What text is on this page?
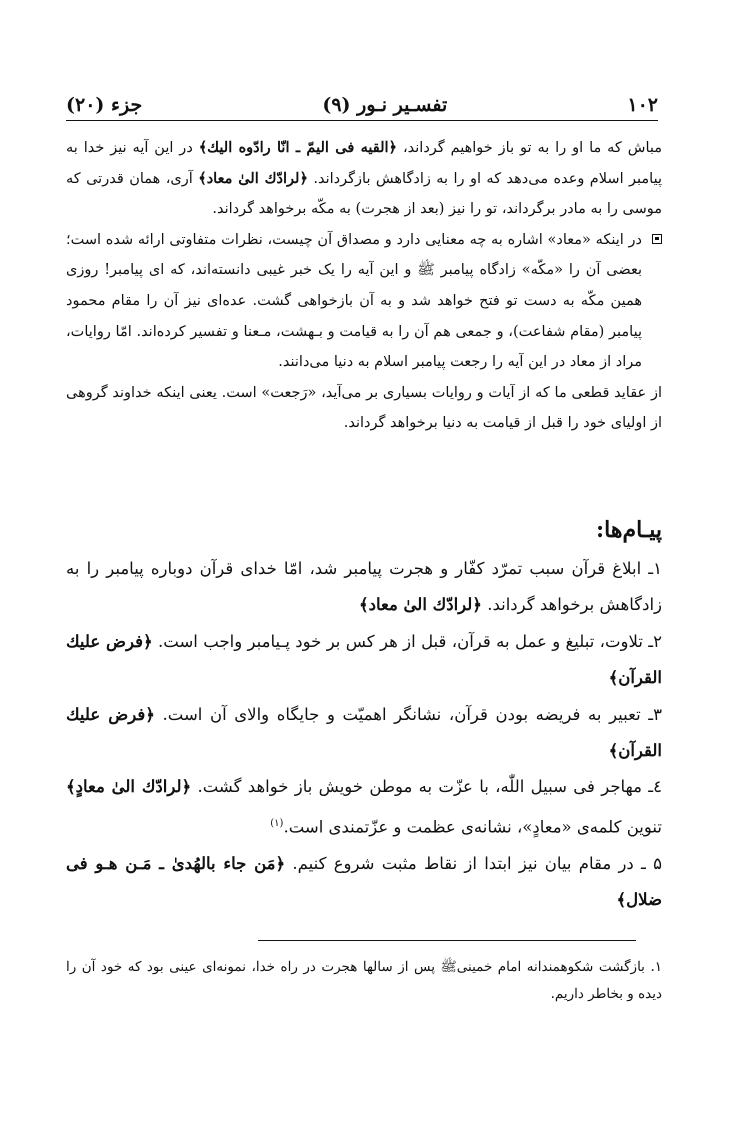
۱۰۲
تفسـیر نـور (۹)
جزء (۲۰)

مباش که ما او را به تو باز خواهیم گرداند، ﴿القیه فی الیمّ ـ انّا رادّوه الیك﴾ در این آیه نیز خدا به پیامبر اسلام وعده می‌دهد که او را به زادگاهش بازگرداند. ﴿لرادّك الیٰ معاد﴾ آری، همان قدرتی که موسی را به مادر برگرداند، تو را نیز (بعد از هجرت) به مکّه برخواهد گرداند.

در اینکه «معاد» اشاره به چه معنایی دارد و مصداق آن چیست، نظرات متفاوتی ارائه شده است؛ بعضی آن را «مکّه» زادگاه پیامبر ﷺ و این آیه را یک خبر غیبی دانسته‌اند، که ای پیامبر! روزی همین مکّه به دست تو فتح خواهد شد و به آن بازخواهی گشت. عده‌ای نیز آن را مقام محمود پیامبر (مقام شفاعت)، و جمعی هم آن را به قیامت و بـهشت، مـعنا و تفسیر کرده‌اند. امّا روایات، مراد از معاد در این آیه را رجعت پیامبر اسلام به دنیا می‌دانند.

از عقاید قطعی ما که از آیات و روایات بسیاری بر می‌آید، «رَجعت» است. یعنی اینکه خداوند گروهی از اولیای خود را قبل از قیامت به دنیا برخواهد گرداند.

پیـام‌ها:

۱ـ ابلاغ قرآن سبب تمرّد کفّار و هجرت پیامبر شد، امّا خدای قرآن دوباره پیامبر را به زادگاهش برخواهد گرداند. ﴿لرادّك الیٰ معاد﴾

۲ـ تلاوت، تبلیغ و عمل به قرآن، قبل از هر کس بر خود پـیامبر واجب است. ﴿فرض علیك القرآن﴾

۳ـ تعبیر به فریضه بودن قرآن، نشانگر اهمیّت و جایگاه والای آن است. ﴿فرض علیك القرآن﴾

٤ـ مهاجر فی سبیل اللّٰه، با عزّت به موطن خویش باز خواهد گشت. ﴿لرادّك الیٰ معادٍ﴾ تنوین کلمه‌ی «معادٍ»، نشانه‌ی عظمت و عزّتمندی است.$^{(۱)}$

۵ ـ در مقام بیان نیز ابتدا از نقاط مثبت شروع کنیم. ﴿مَن جاء بالهُدیٰ ـ مَـن هـو فی ضلال﴾

۱. بازگشت شکوهمندانه امام خمینیﷺ پس از سالها هجرت در راه خدا، نمونه‌ای عینی بود که خود آن را دیده و بخاطر داریم.
